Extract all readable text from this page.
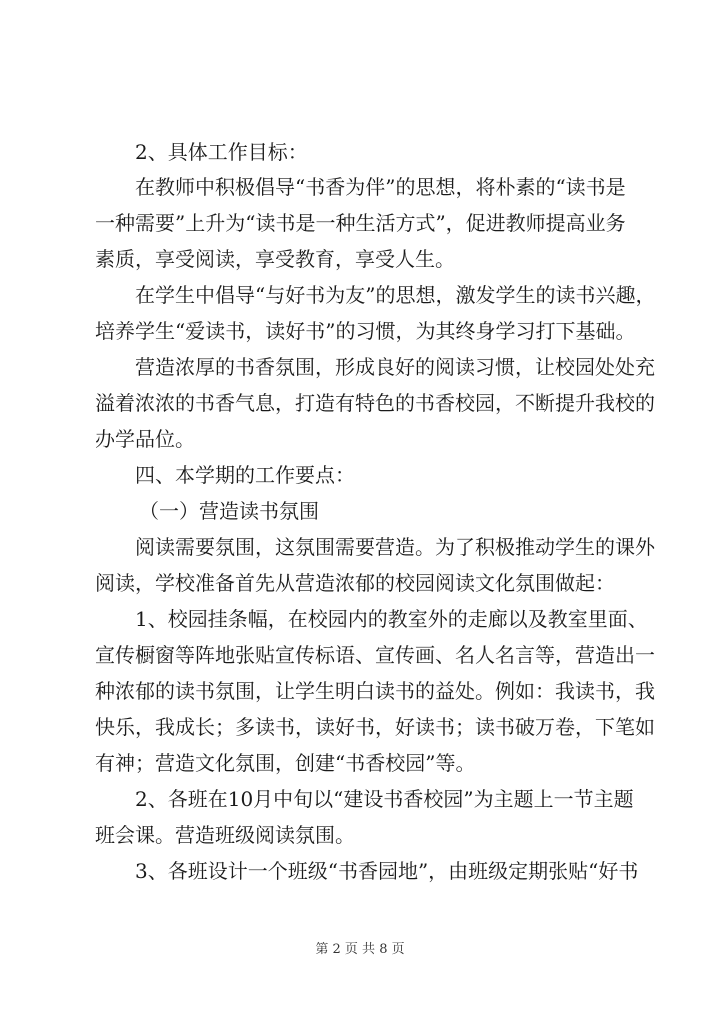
2、具体工作目标：
在教师中积极倡导“书香为伴”的思想，将朴素的“读书是
一种需要”上升为“读书是一种生活方式”，促进教师提高业务
素质，享受阅读，享受教育，享受人生。
在学生中倡导“与好书为友”的思想，激发学生的读书兴趣，
培养学生“爱读书，读好书”的习惯，为其终身学习打下基础。
营造浓厚的书香氛围，形成良好的阅读习惯，让校园处处充
溢着浓浓的书香气息，打造有特色的书香校园，不断提升我校的
办学品位。
四、本学期的工作要点：
（一）营造读书氛围
阅读需要氛围，这氛围需要营造。为了积极推动学生的课外
阅读，学校准备首先从营造浓郁的校园阅读文化氛围做起：
1、校园挂条幅，在校园内的教室外的走廊以及教室里面、
宣传橱窗等阵地张贴宣传标语、宣传画、名人名言等，营造出一
种浓郁的读书氛围，让学生明白读书的益处。例如：我读书，我
快乐，我成长；多读书，读好书，好读书；读书破万卷，下笔如
有神；营造文化氛围，创建“书香校园”等。
2、各班在10月中旬以“建设书香校园”为主题上一节主题
班会课。营造班级阅读氛围。
3、各班设计一个班级“书香园地”，由班级定期张贴“好书
第 2 页 共 8 页
